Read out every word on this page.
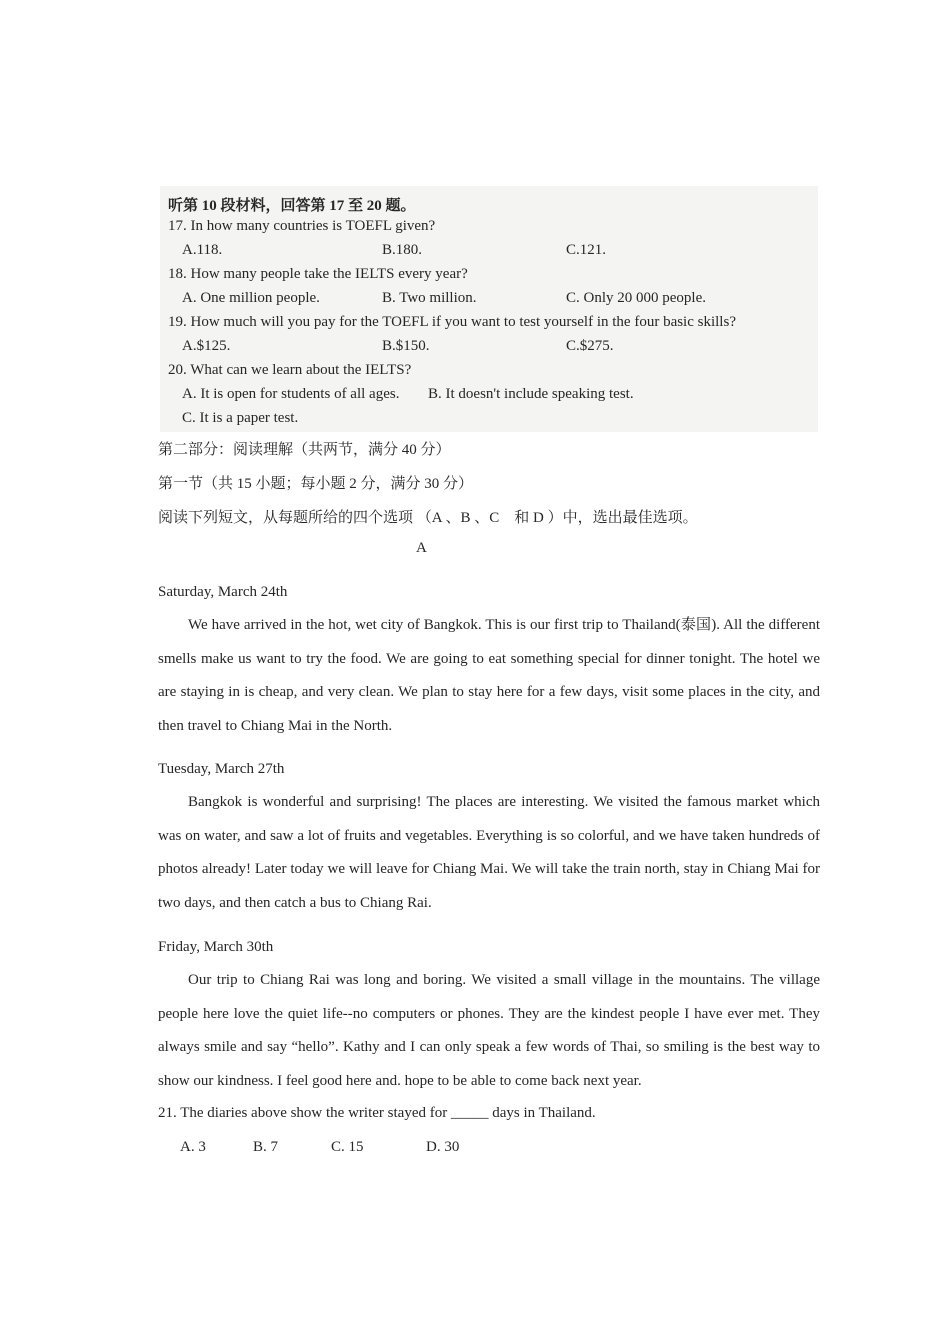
听第 10 段材料，回答第 17 至 20 题。
17. In how many countries is TOEFL given?
A.118.	B.180.	C.121.
18. How many people take the IELTS every year?
A. One million people.	B. Two million.	C. Only 20 000 people.
19. How much will you pay for the TOEFL if you want to test yourself in the four basic skills?
A.$125.	B.$150.	C.$275.
20. What can we learn about the IELTS?
A. It is open for students of all ages. B. It doesn't include speaking test.
C. It is a paper test.
第二部分：阅读理解（共两节，满分 40 分）
第一节（共 15 小题；每小题 2 分，满分 30 分）
阅读下列短文，从每题所给的四个选项 （A 、B 、C　和 D ）中，选出最佳选项。
A
Saturday, March 24th
We have arrived in the hot, wet city of Bangkok. This is our first trip to Thailand(泰国). All the different smells make us want to try the food. We are going to eat something special for dinner tonight. The hotel we are staying in is cheap, and very clean. We plan to stay here for a few days, visit some places in the city, and then travel to Chiang Mai in the North.
Tuesday, March 27th
Bangkok is wonderful and surprising! The places are interesting. We visited the famous market which was on water, and saw a lot of fruits and vegetables. Everything is so colorful, and we have taken hundreds of photos already! Later today we will leave for Chiang Mai. We will take the train north, stay in Chiang Mai for two days, and then catch a bus to Chiang Rai.
Friday, March 30th
Our trip to Chiang Rai was long and boring. We visited a small village in the mountains. The village people here love the quiet life--no computers or phones. They are the kindest people I have ever met. They always smile and say “hello”. Kathy and I can only speak a few words of Thai, so smiling is the best way to show our kindness. I feel good here and. hope to be able to come back next year.
21. The diaries above show the writer stayed for _____ days in Thailand.
A. 3	B. 7	C. 15	D. 30
